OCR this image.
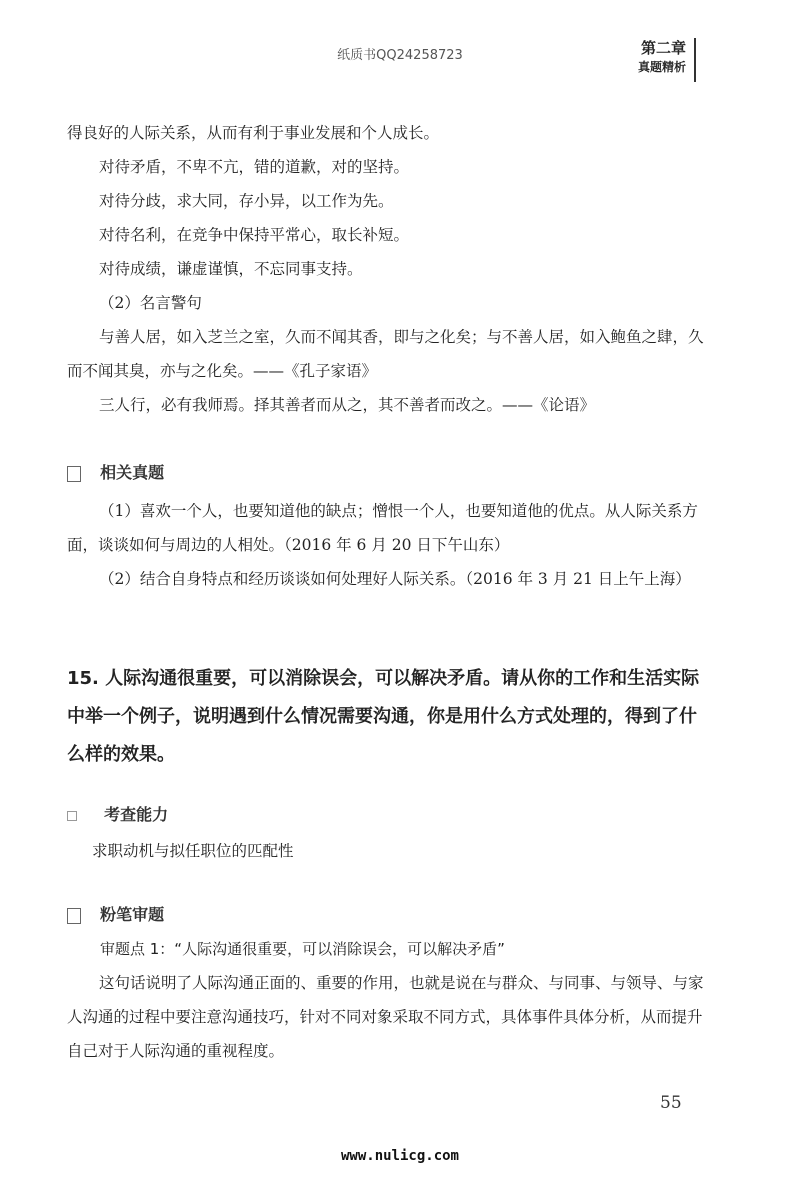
纸质书QQ24258723	第二章
真题精析
得良好的人际关系，从而有利于事业发展和个人成长。
对待矛盾，不卑不亢，错的道歉，对的坚持。
对待分歧，求大同，存小异，以工作为先。
对待名利，在竞争中保持平常心，取长补短。
对待成绩，谦虚谨慎，不忘同事支持。
（2）名言警句
与善人居，如入芝兰之室，久而不闻其香，即与之化矣；与不善人居，如入鲍鱼之肆，久而不闻其臭，亦与之化矣。——《孔子家语》
三人行，必有我师焉。择其善者而从之，其不善者而改之。——《论语》
相关真题
（1）喜欢一个人，也要知道他的缺点；憎恨一个人，也要知道他的优点。从人际关系方面，谈谈如何与周边的人相处。（2016 年 6 月 20 日下午山东）
（2）结合自身特点和经历谈谈如何处理好人际关系。（2016 年 3 月 21 日上午上海）
15. 人际沟通很重要，可以消除误会，可以解决矛盾。请从你的工作和生活实际中举一个例子，说明遇到什么情况需要沟通，你是用什么方式处理的，得到了什么样的效果。
考查能力
求职动机与拟任职位的匹配性
粉笔审题
审题点 1：“人际沟通很重要，可以消除误会，可以解决矛盾”
这句话说明了人际沟通正面的、重要的作用，也就是说在与群众、与同事、与领导、与家人沟通的过程中要注意沟通技巧，针对不同对象采取不同方式，具体事件具体分析，从而提升自己对于人际沟通的重视程度。
55
www.nulicg.com
